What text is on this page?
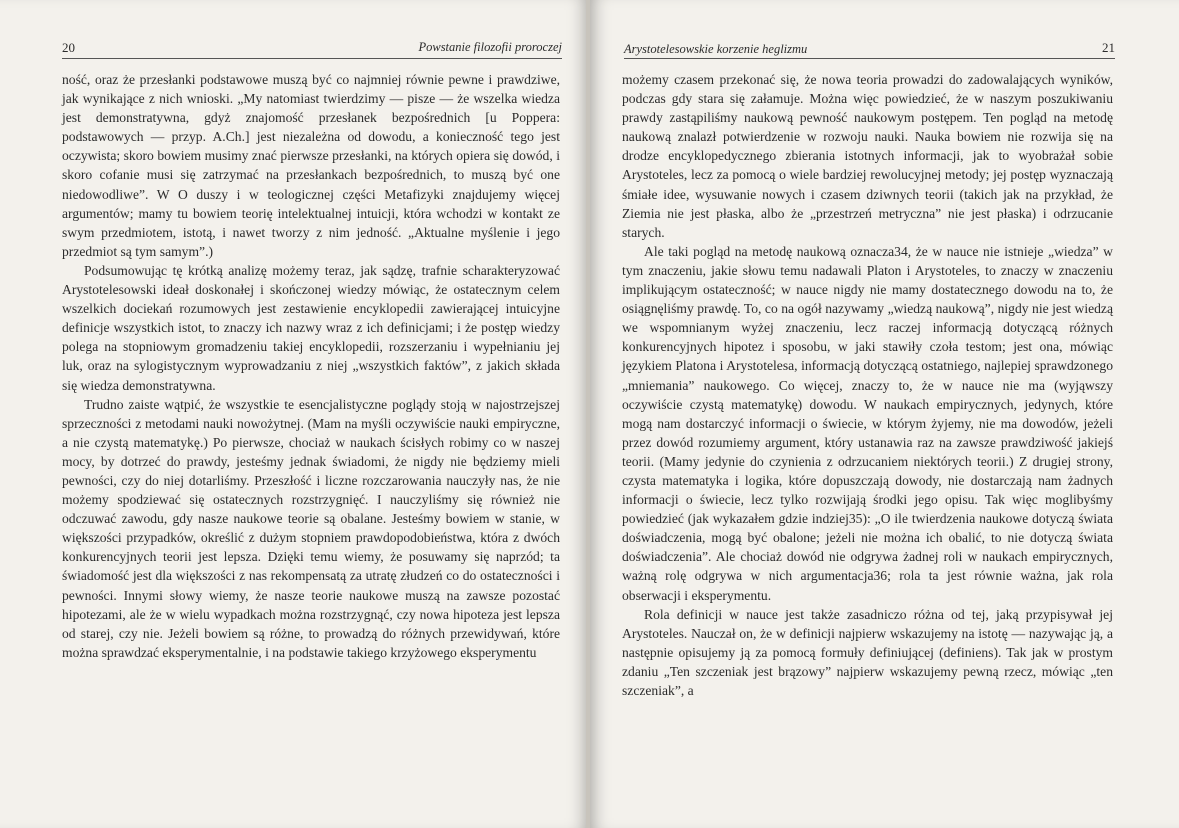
20	Powstanie filozofii proroczej

ność, oraz że przesłanki podstawowe muszą być co najmniej równie pewne i prawdziwe, jak wynikające z nich wnioski. „My natomiast twierdzimy — pisze — że wszelka wiedza jest demonstratywna, gdyż znajomość przesłanek bezpośrednich [u Poppera: podstawowych — przyp. A.Ch.] jest niezależna od dowodu, a konieczność tego jest oczywista; skoro bowiem musimy znać pierwsze przesłanki, na których opiera się dowód, i skoro cofanie musi się zatrzymać na przesłankach bezpośrednich, to muszą być one niedowodliwe”. W O duszy i w teologicznej części Metafizyki znajdujemy więcej argumentów; mamy tu bowiem teorię intelektualnej intuicji, która wchodzi w kontakt ze swym przedmiotem, istotą, i nawet tworzy z nim jedność. „Aktualne myślenie i jego przedmiot są tym samym”.)

Podsumowując tę krótką analizę możemy teraz, jak sądzę, trafnie scharakteryzować Arystotelesowski ideał doskonałej i skończonej wiedzy mówiąc, że ostatecznym celem wszelkich dociekań rozumowych jest zestawienie encyklopedii zawierającej intuicyjne definicje wszystkich istot, to znaczy ich nazwy wraz z ich definicjami; i że postęp wiedzy polega na stopniowym gromadzeniu takiej encyklopedii, rozszerzaniu i wypełnianiu jej luk, oraz na sylogistycznym wyprowadzaniu z niej „wszystkich faktów”, z jakich składa się wiedza demonstratywna.

Trudno zaiste wątpić, że wszystkie te esencjalistyczne poglądy stoją w najostrzejszej sprzeczności z metodami nauki nowożytnej. (Mam na myśli oczywiście nauki empiryczne, a nie czystą matematykę.) Po pierwsze, chociaż w naukach ścisłych robimy co w naszej mocy, by dotrzeć do prawdy, jesteśmy jednak świadomi, że nigdy nie będziemy mieli pewności, czy do niej dotarliśmy. Przeszłość i liczne rozczarowania nauczyły nas, że nie możemy spodziewać się ostatecznych rozstrzygnięć. I nauczyliśmy się również nie odczuwać zawodu, gdy nasze naukowe teorie są obalane. Jesteśmy bowiem w stanie, w większości przypadków, określić z dużym stopniem prawdopodobieństwa, która z dwóch konkurencyjnych teorii jest lepsza. Dzięki temu wiemy, że posuwamy się naprzód; ta świadomość jest dla większości z nas rekompensatą za utratę złudzeń co do ostateczności i pewności. Innymi słowy wiemy, że nasze teorie naukowe muszą na zawsze pozostać hipotezami, ale że w wielu wypadkach można rozstrzygnąć, czy nowa hipoteza jest lepsza od starej, czy nie. Jeżeli bowiem są różne, to prowadzą do różnych przewidywań, które można sprawdzać eksperymentalnie, i na podstawie takiego krzyżowego eksperymentu

Arystotelesowskie korzenie heglizmu	21

możemy czasem przekonać się, że nowa teoria prowadzi do zadowalających wyników, podczas gdy stara się załamuje. Można więc powiedzieć, że w naszym poszukiwaniu prawdy zastąpiliśmy naukową pewność naukowym postępem. Ten pogląd na metodę naukową znalazł potwierdzenie w rozwoju nauki. Nauka bowiem nie rozwija się na drodze encyklopedycznego zbierania istotnych informacji, jak to wyobrażał sobie Arystoteles, lecz za pomocą o wiele bardziej rewolucyjnej metody; jej postęp wyznaczają śmiałe idee, wysuwanie nowych i czasem dziwnych teorii (takich jak na przykład, że Ziemia nie jest płaska, albo że „przestrzeń metryczna” nie jest płaska) i odrzucanie starych.

Ale taki pogląd na metodę naukową oznacza34, że w nauce nie istnieje „wiedza” w tym znaczeniu, jakie słowu temu nadawali Platon i Arystoteles, to znaczy w znaczeniu implikującym ostateczność; w nauce nigdy nie mamy dostatecznego dowodu na to, że osiągnęliśmy prawdę. To, co na ogół nazywamy „wiedzą naukową”, nigdy nie jest wiedzą we wspomnianym wyżej znaczeniu, lecz raczej informacją dotyczącą różnych konkurencyjnych hipotez i sposobu, w jaki stawiły czoła testom; jest ona, mówiąc językiem Platona i Arystotelesa, informacją dotyczącą ostatniego, najlepiej sprawdzonego „mniemania” naukowego. Co więcej, znaczy to, że w nauce nie ma (wyjąwszy oczywiście czystą matematykę) dowodu. W naukach empirycznych, jedynych, które mogą nam dostarczyć informacji o świecie, w którym żyjemy, nie ma dowodów, jeżeli przez dowód rozumiemy argument, który ustanawia raz na zawsze prawdziwość jakiejś teorii. (Mamy jedynie do czynienia z odrzucaniem niektórych teorii.) Z drugiej strony, czysta matematyka i logika, które dopuszczają dowody, nie dostarczają nam żadnych informacji o świecie, lecz tylko rozwijają środki jego opisu. Tak więc moglibyśmy powiedzieć (jak wykazałem gdzie indziej35): „O ile twierdzenia naukowe dotyczą świata doświadczenia, mogą być obalone; jeżeli nie można ich obalić, to nie dotyczą świata doświadczenia”. Ale chociaż dowód nie odgrywa żadnej roli w naukach empirycznych, ważną rolę odgrywa w nich argumentacja36; rola ta jest równie ważna, jak rola obserwacji i eksperymentu.

Rola definicji w nauce jest także zasadniczo różna od tej, jaką przypisywał jej Arystoteles. Nauczał on, że w definicji najpierw wskazujemy na istotę — nazywając ją, a następnie opisujemy ją za pomocą formuły definiującej (definiens). Tak jak w prostym zdaniu „Ten szczeniak jest brązowy” najpierw wskazujemy pewną rzecz, mówiąc „ten szczeniak”, a
